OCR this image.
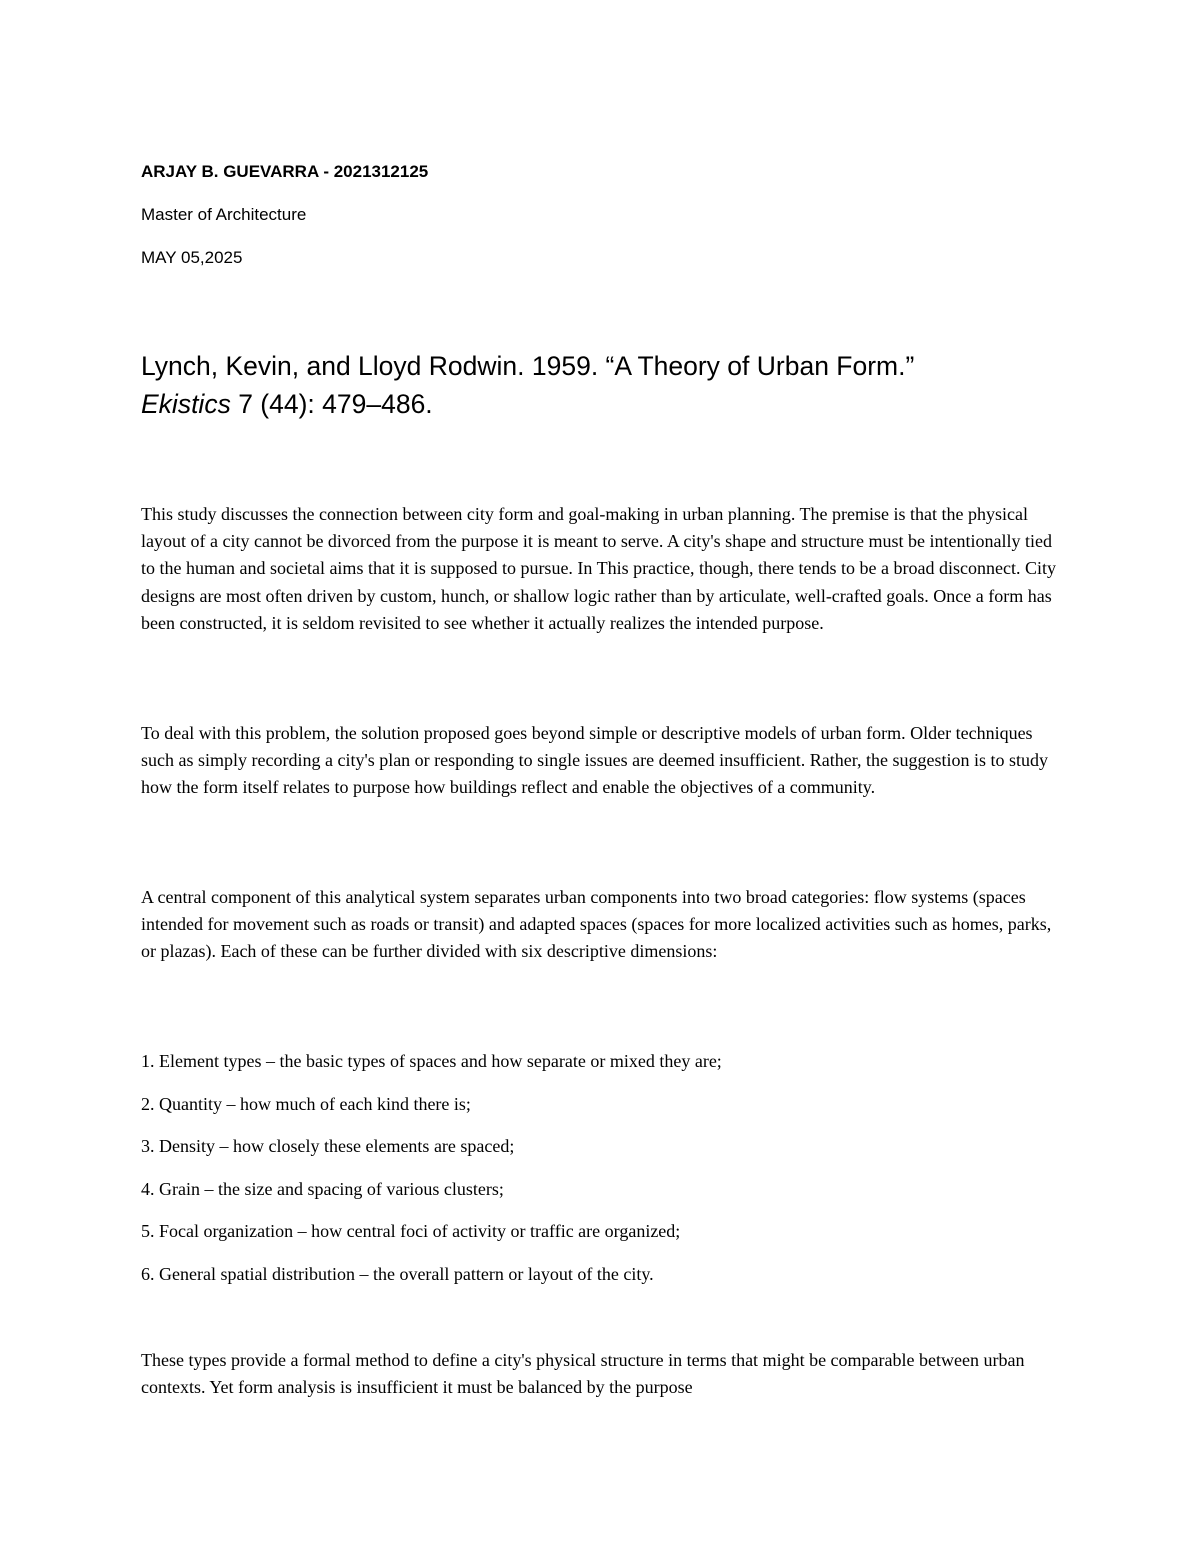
ARJAY B. GUEVARRA - 2021312125
Master of Architecture
MAY 05,2025
Lynch, Kevin, and Lloyd Rodwin. 1959. “A Theory of Urban Form.”
Ekistics 7 (44): 479–486.

This study discusses the connection between city form and goal-making in urban planning. The premise is that the physical layout of a city cannot be divorced from the purpose it is meant to serve. A city's shape and structure must be intentionally tied to the human and societal aims that it is supposed to pursue. In This practice, though, there tends to be a broad disconnect. City designs are most often driven by custom, hunch, or shallow logic rather than by articulate, well-crafted goals. Once a form has been constructed, it is seldom revisited to see whether it actually realizes the intended purpose.

To deal with this problem, the solution proposed goes beyond simple or descriptive models of urban form. Older techniques such as simply recording a city's plan or responding to single issues are deemed insufficient. Rather, the suggestion is to study how the form itself relates to purpose how buildings reflect and enable the objectives of a community.

A central component of this analytical system separates urban components into two broad categories: flow systems (spaces intended for movement such as roads or transit) and adapted spaces (spaces for more localized activities such as homes, parks, or plazas). Each of these can be further divided with six descriptive dimensions:

1. Element types – the basic types of spaces and how separate or mixed they are;
2. Quantity – how much of each kind there is;
3. Density – how closely these elements are spaced;
4. Grain – the size and spacing of various clusters;
5. Focal organization – how central foci of activity or traffic are organized;
6. General spatial distribution – the overall pattern or layout of the city.

These types provide a formal method to define a city's physical structure in terms that might be comparable between urban contexts. Yet form analysis is insufficient it must be balanced by the purpose
